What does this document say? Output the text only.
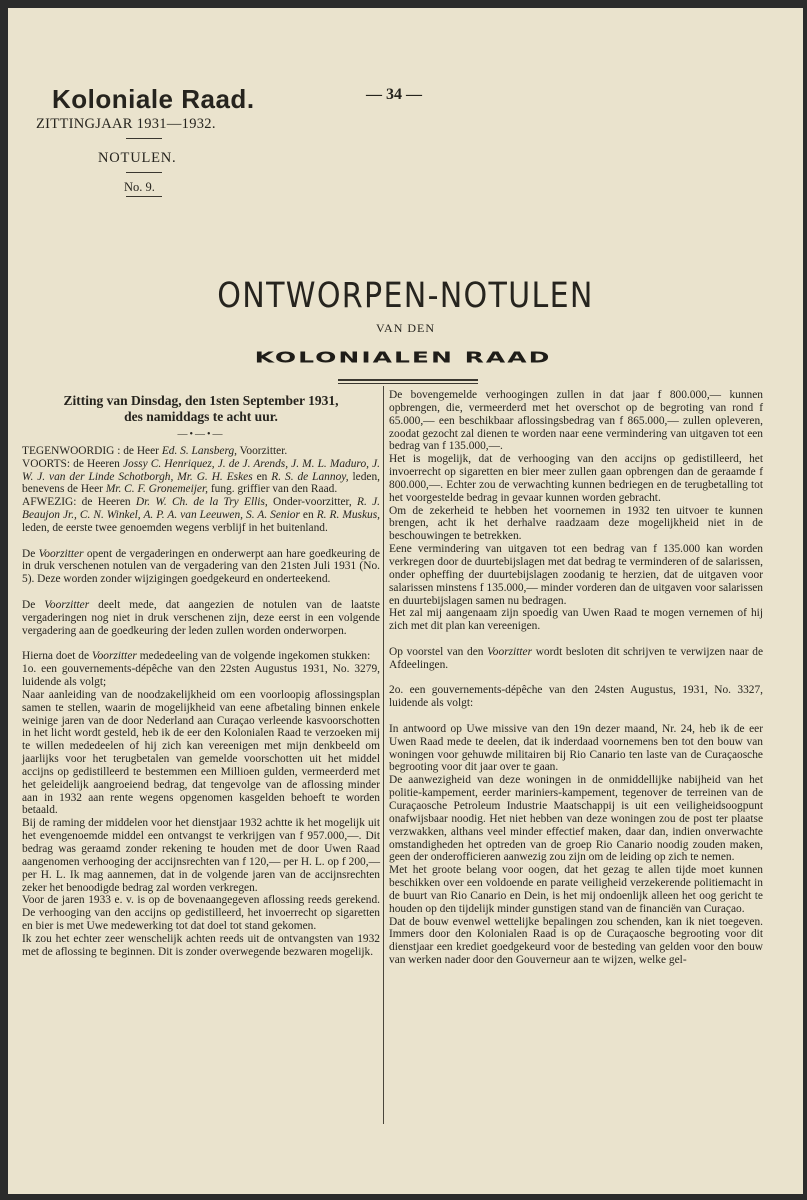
Koloniale Raad.
ZITTINGJAAR 1931—1932.
NOTULEN.
No. 9.
— 34 —
ONTWORPEN-NOTULEN
VAN DEN
KOLONIALEN RAAD
Zitting van Dinsdag, den 1sten September 1931,
des namiddags te acht uur.
—•—•—

TEGENWOORDIG : de Heer Ed. S. Lansberg, Voorzitter.

VOORTS: de Heeren Jossy C. Henriquez, J. de J. Arends, J. M. L. Maduro, J. W. J. van der Linde Schotborgh, Mr. G. H. Eskes en R. S. de Lannoy, leden, benevens de Heer Mr. C. F. Gronemeijer, fung. griffier van den Raad.

AFWEZIG: de Heeren Dr. W. Ch. de la Try Ellis, Onder-voorzitter, R. J. Beaujon Jr., C. N. Winkel, A. P. A. van Leeuwen, S. A. Senior en R. R. Muskus, leden, de eerste twee genoemden wegens verblijf in het buitenland.

De Voorzitter opent de vergaderingen en onderwerpt aan hare goedkeuring de in druk verschenen notulen van de vergadering van den 21sten Juli 1931 (No. 5). Deze worden zonder wijzigingen goedgekeurd en onderteekend.

De Voorzitter deelt mede, dat aangezien de notulen van de laatste vergaderingen nog niet in druk verschenen zijn, deze eerst in een volgende vergadering aan de goedkeuring der leden zullen worden onderworpen.

Hierna doet de Voorzitter mededeeling van de volgende ingekomen stukken:

1o. een gouvernements-dépêche van den 22sten Augustus 1931, No. 3279, luidende als volgt;

Naar aanleiding van de noodzakelijkheid om een voorloopig aflossingsplan samen te stellen, waarin de mogelijkheid van eene afbetaling binnen enkele weinige jaren van de door Nederland aan Curaçao verleende kasvoorschotten in het licht wordt gesteld, heb ik de eer den Kolonialen Raad te verzoeken mij te willen mededeelen of hij zich kan vereenigen met mijn denkbeeld om jaarlijks voor het terugbetalen van gemelde voorschotten uit het middel accijns op gedistilleerd te bestemmen een Millioen gulden, vermeerderd met het geleidelijk aangroeiend bedrag, dat tengevolge van de aflossing minder aan in 1932 aan rente wegens opgenomen kasgelden behoeft te worden betaald.

Bij de raming der middelen voor het dienstjaar 1932 achtte ik het mogelijk uit het evengenoemde middel een ontvangst te verkrijgen van f 957.000,—. Dit bedrag was geraamd zonder rekening te houden met de door Uwen Raad aangenomen verhooging der accijnsrechten van f 120,— per H. L. op f 200,— per H. L. Ik mag aannemen, dat in de volgende jaren van de accijnsrechten zeker het benoodigde bedrag zal worden verkregen.

Voor de jaren 1933 e. v. is op de bovenaangegeven aflossing reeds gerekend. De verhooging van den accijns op gedistilleerd, het invoerrecht op sigaretten en bier is met Uwe medewerking tot dat doel tot stand gekomen.

Ik zou het echter zeer wenschelijk achten reeds uit de ontvangsten van 1932 met de aflossing te beginnen. Dit is zonder overwegende bezwaren mogelijk.

De bovengemelde verhoogingen zullen in dat jaar f 800.000,— kunnen opbrengen, die, vermeerderd met het overschot op de begroting van rond f 65.000,— een beschikbaar aflossingsbedrag van f 865.000,— zullen opleveren, zoodat gezocht zal dienen te worden naar eene vermindering van uitgaven tot een bedrag van f 135.000,—.

Het is mogelijk, dat de verhooging van den accijns op gedistilleerd, het invoerrecht op sigaretten en bier meer zullen gaan opbrengen dan de geraamde f 800.000,—. Echter zou de verwachting kunnen bedriegen en de terugbetalling tot het voorgestelde bedrag in gevaar kunnen worden gebracht.

Om de zekerheid te hebben het voornemen in 1932 ten uitvoer te kunnen brengen, acht ik het derhalve raadzaam deze mogelijkheid niet in de beschouwingen te betrekken.

Eene vermindering van uitgaven tot een bedrag van f 135.000 kan worden verkregen door de duurtebijslagen met dat bedrag te verminderen of de salarissen, onder opheffing der duurtebijslagen zoodanig te herzien, dat de uitgaven voor salarissen minstens f 135.000,— minder vorderen dan de uitgaven voor salarissen en duurtebijslagen samen nu bedragen.

Het zal mij aangenaam zijn spoedig van Uwen Raad te mogen vernemen of hij zich met dit plan kan vereenigen.

Op voorstel van den Voorzitter wordt besloten dit schrijven te verwijzen naar de Afdeelingen.

2o. een gouvernements-dépêche van den 24sten Augustus, 1931, No. 3327, luidende als volgt:

In antwoord op Uwe missive van den 19n dezer maand, Nr. 24, heb ik de eer Uwen Raad mede te deelen, dat ik inderdaad voornemens ben tot den bouw van woningen voor gehuwde militairen bij Rio Canario ten laste van de Curaçaosche begrooting voor dit jaar over te gaan.

De aanwezigheid van deze woningen in de onmiddellijke nabijheid van het politie-kampement, eerder mariniers-kampement, tegenover de terreinen van de Curaçaosche Petroleum Industrie Maatschappij is uit een veiligheidsoogpunt onafwijsbaar noodig. Het niet hebben van deze woningen zou de post ter plaatse verzwakken, althans veel minder effectief maken, daar dan, indien onverwachte omstandigheden het optreden van de groep Rio Canario noodig zouden maken, geen der onderofficieren aanwezig zou zijn om de leiding op zich te nemen.

Met het groote belang voor oogen, dat het gezag te allen tijde moet kunnen beschikken over een voldoende en parate veiligheid verzekerende politiemacht in de buurt van Rio Canario en Dein, is het mij ondoenlijk alleen het oog gericht te houden op den tijdelijk minder gunstigen stand van de financiën van Curaçao.

Dat de bouw evenwel wettelijke bepalingen zou schenden, kan ik niet toegeven. Immers door den Kolonialen Raad is op de Curaçaosche begrooting voor dit dienstjaar een krediet goedgekeurd voor de besteding van gelden voor den bouw van werken nader door den Gouverneur aan te wijzen, welke gel-
